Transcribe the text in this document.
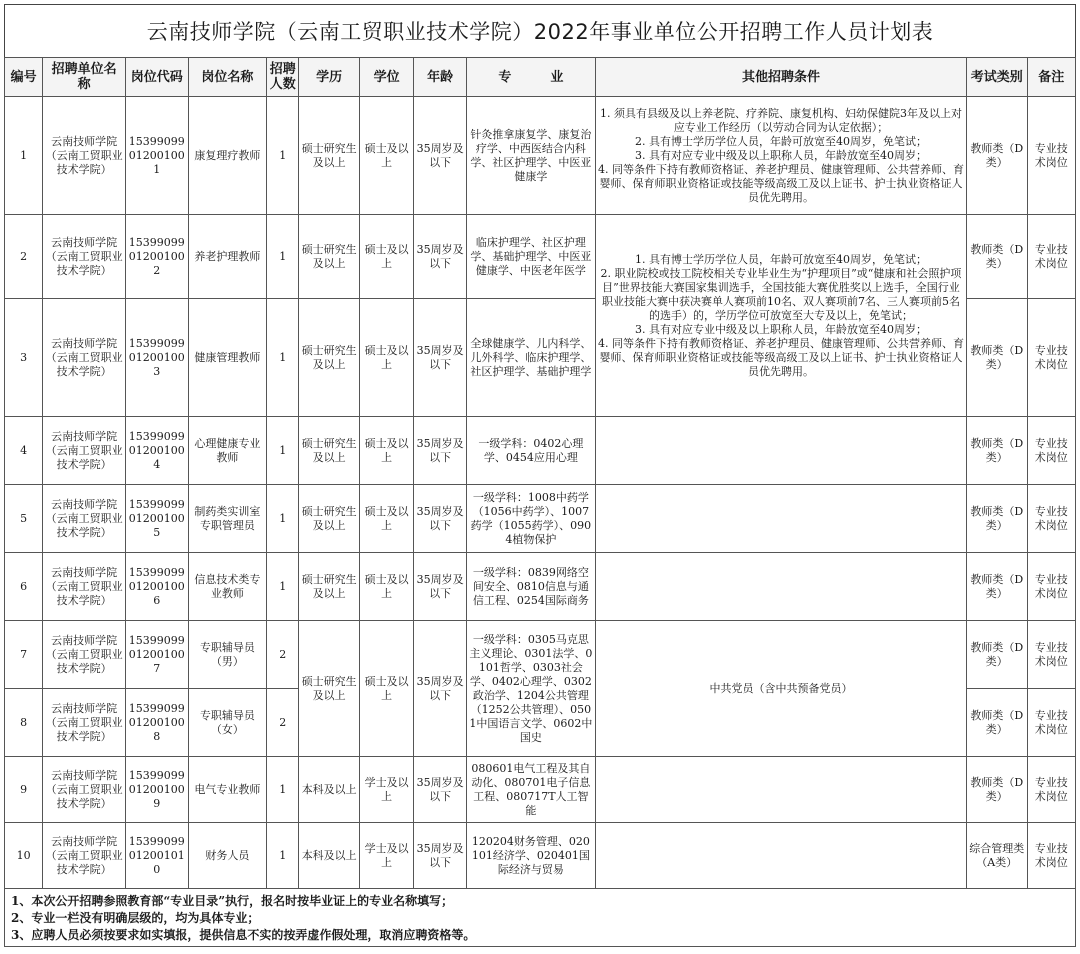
云南技师学院（云南工贸职业技术学院）2022年事业单位公开招聘工作人员计划表
编号	招聘单位名称	岗位代码	岗位名称	招聘人数	学历	学位	年龄	专　　　业	其他招聘条件	考试类别	备注
1	云南技师学院（云南工贸职业技术学院）	15399099012001001	康复理疗教师	1	硕士研究生及以上	硕士及以上	35周岁及以下	针灸推拿康复学、康复治疗学、中西医结合内科学、社区护理学、中医亚健康学	1. 须具有县级及以上养老院、疗养院、康复机构、妇幼保健院3年及以上对应专业工作经历（以劳动合同为认定依据）；
2. 具有博士学历学位人员，年龄可放宽至40周岁，免笔试；
3. 具有对应专业中级及以上职称人员，年龄放宽至40周岁；
4. 同等条件下持有教师资格证、养老护理员、健康管理师、公共营养师、育婴师、保育师职业资格证或技能等级高级工及以上证书、护士执业资格证人员优先聘用。	教师类（D类）	专业技术岗位
2	云南技师学院（云南工贸职业技术学院）	15399099012001002	养老护理教师	1	硕士研究生及以上	硕士及以上	35周岁及以下	临床护理学、社区护理学、基础护理学、中医亚健康学、中医老年医学	1. 具有博士学历学位人员，年龄可放宽至40周岁，免笔试；
2. 职业院校或技工院校相关专业毕业生为“护理项目”或“健康和社会照护项目”世界技能大赛国家集训选手，全国技能大赛优胜奖以上选手，全国行业职业技能大赛中获决赛单人赛项前10名、双人赛项前7名、三人赛项前5名的选手）的，学历学位可放宽至大专及以上，免笔试；
3. 具有对应专业中级及以上职称人员，年龄放宽至40周岁；
4. 同等条件下持有教师资格证、养老护理员、健康管理师、公共营养师、育婴师、保育师职业资格证或技能等级高级工及以上证书、护士执业资格证人员优先聘用。	教师类（D类）	专业技术岗位
3	云南技师学院（云南工贸职业技术学院）	15399099012001003	健康管理教师	1	硕士研究生及以上	硕士及以上	35周岁及以下	全球健康学、儿内科学、儿外科学、临床护理学、社区护理学、基础护理学		教师类（D类）	专业技术岗位
4	云南技师学院（云南工贸职业技术学院）	15399099012001004	心理健康专业教师	1	硕士研究生及以上	硕士及以上	35周岁及以下	一级学科：0402心理学、0454应用心理		教师类（D类）	专业技术岗位
5	云南技师学院（云南工贸职业技术学院）	15399099012001005	制药类实训室专职管理员	1	硕士研究生及以上	硕士及以上	35周岁及以下	一级学科：1008中药学（1056中药学）、1007药学（1055药学）、0904植物保护		教师类（D类）	专业技术岗位
6	云南技师学院（云南工贸职业技术学院）	15399099012001006	信息技术类专业教师	1	硕士研究生及以上	硕士及以上	35周岁及以下	一级学科：0839网络空间安全、0810信息与通信工程、0254国际商务		教师类（D类）	专业技术岗位
7	云南技师学院（云南工贸职业技术学院）	15399099012001007	专职辅导员（男）	2	硕士研究生及以上	硕士及以上	35周岁及以下	一级学科：0305马克思主义理论、0301法学、0101哲学、0303社会学、0402心理学、0302政治学、1204公共管理（1252公共管理）、0501中国语言文学、0602中国史	中共党员（含中共预备党员）	教师类（D类）	专业技术岗位
8	云南技师学院（云南工贸职业技术学院）	15399099012001008	专职辅导员（女）	2						教师类（D类）	专业技术岗位
9	云南技师学院（云南工贸职业技术学院）	15399099012001009	电气专业教师	1	本科及以上	学士及以上	35周岁及以下	080601电气工程及其自动化、080701电子信息工程、080717T人工智能		教师类（D类）	专业技术岗位
10	云南技师学院（云南工贸职业技术学院）	15399099012001010	财务人员	1	本科及以上	学士及以上	35周岁及以下	120204财务管理、020101经济学、020401国际经济与贸易		综合管理类（A类）	专业技术岗位
1、本次公开招聘参照教育部“专业目录”执行，报名时按毕业证上的专业名称填写；
2、专业一栏没有明确层级的，均为具体专业；
3、应聘人员必须按要求如实填报，提供信息不实的按弄虚作假处理，取消应聘资格等。
